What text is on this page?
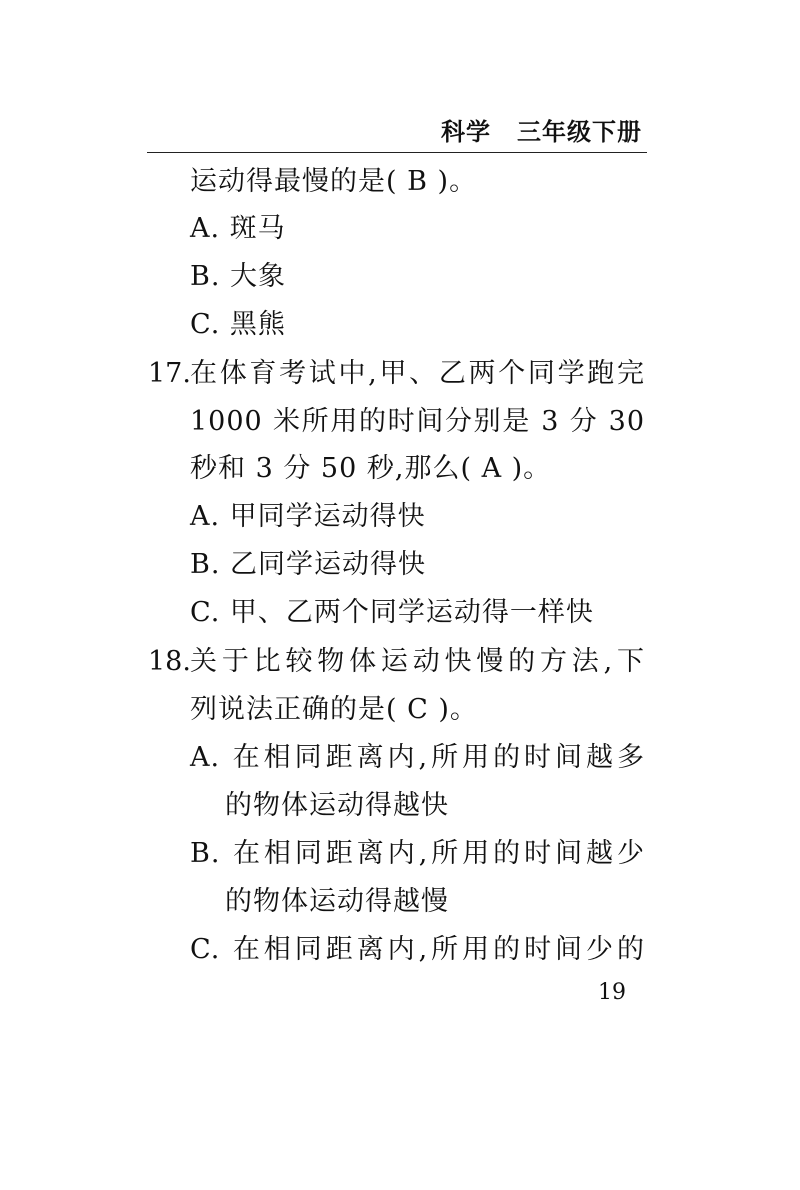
科学 三年级下册
运动得最慢的是( B )。
A. 斑马
B. 大象
C. 黑熊
17. 在体育考试中,甲、乙两个同学跑完
1000 米所用的时间分别是 3 分 30
秒和 3 分 50 秒,那么( A )。
A. 甲同学运动得快
B. 乙同学运动得快
C. 甲、乙两个同学运动得一样快
18. 关于比较物体运动快慢的方法,下
列说法正确的是( C )。
A. 在相同距离内,所用的时间越多
的物体运动得越快
B. 在相同距离内,所用的时间越少
的物体运动得越慢
C. 在相同距离内,所用的时间少的
19
